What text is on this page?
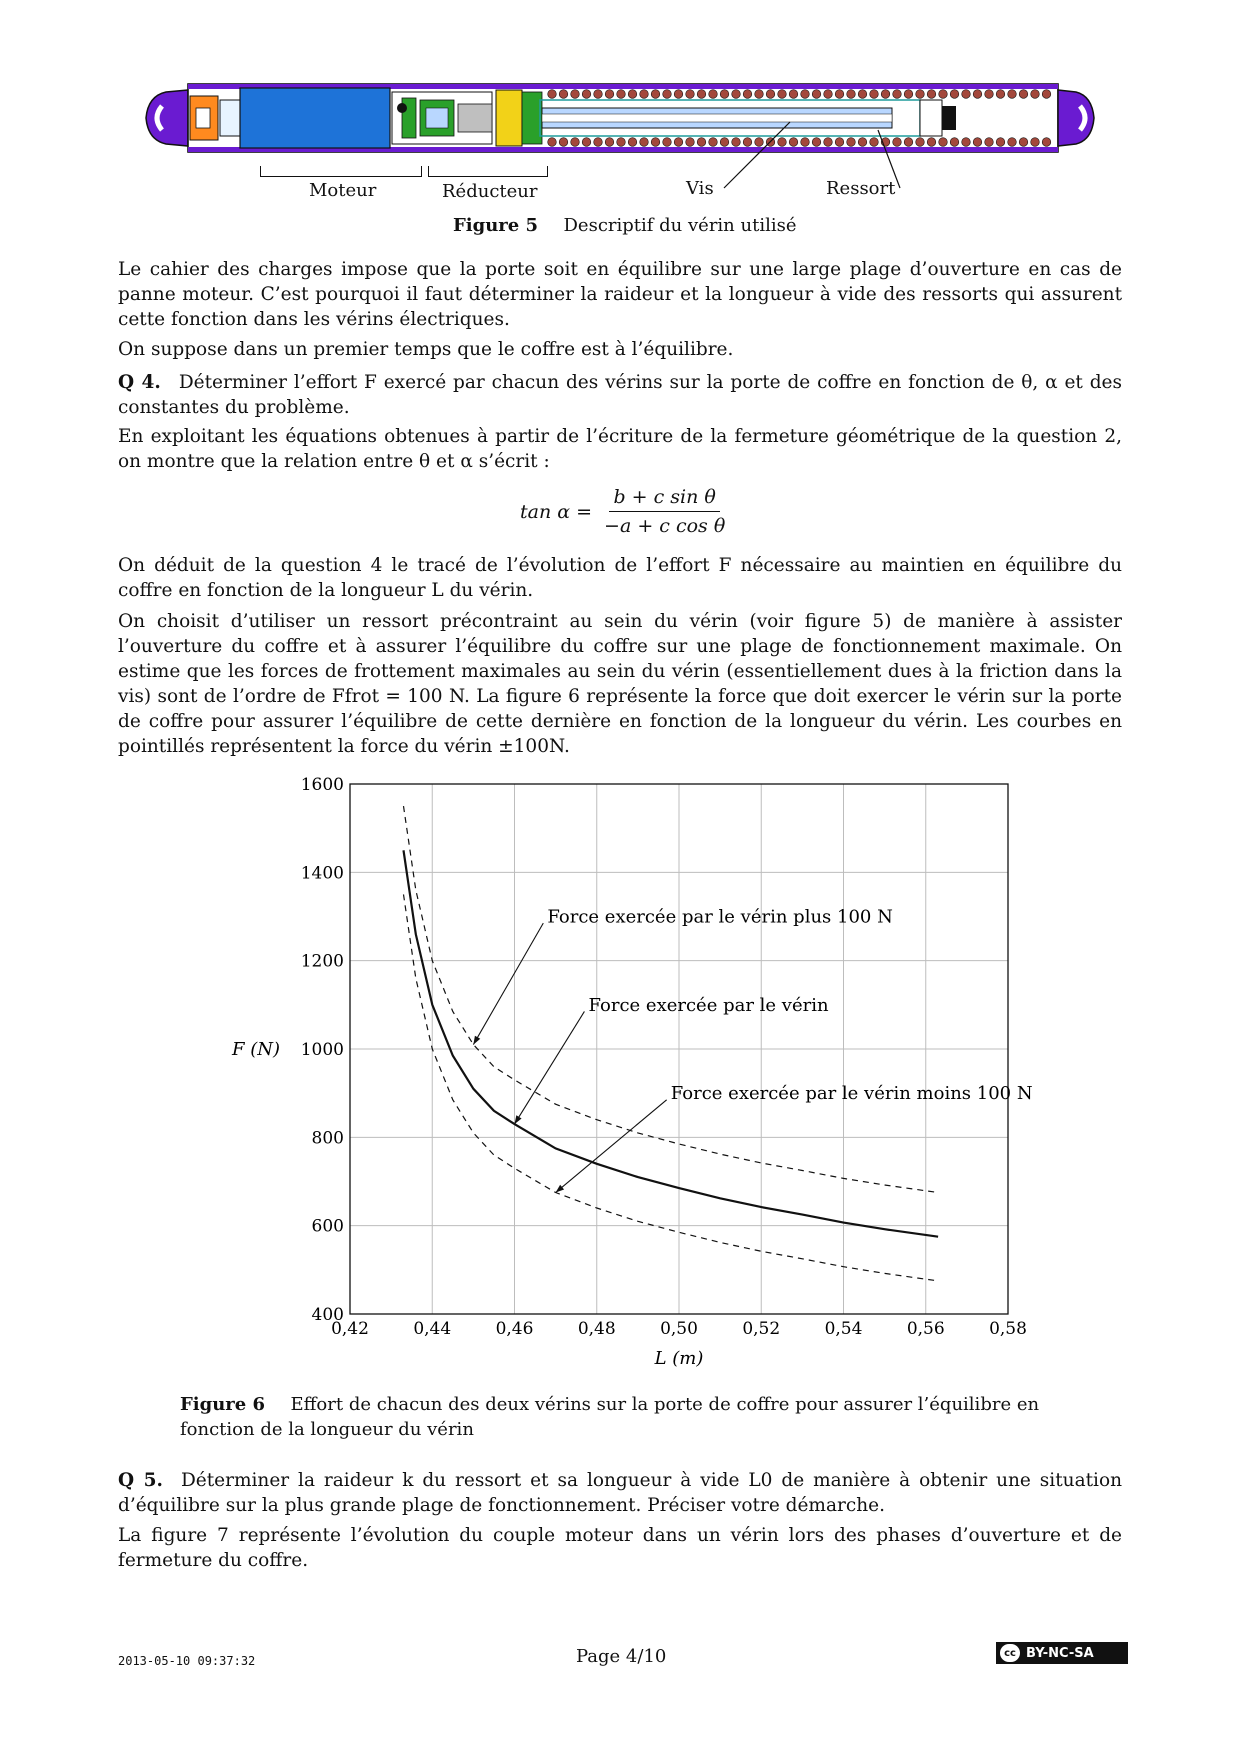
Moteur	Réducteur	Vis	Ressort
Figure 5 Descriptif du vérin utilisé

Le cahier des charges impose que la porte soit en équilibre sur une large plage d’ouverture en cas de panne moteur. C’est pourquoi il faut déterminer la raideur et la longueur à vide des ressorts qui assurent cette fonction dans les vérins électriques.

On suppose dans un premier temps que le coffre est à l’équilibre.

Q 4. Déterminer l’effort F exercé par chacun des vérins sur la porte de coffre en fonction de θ, α et des constantes du problème.

En exploitant les équations obtenues à partir de l’écriture de la fermeture géométrique de la question 2, on montre que la relation entre θ et α s’écrit :

$\tan \alpha = \frac{\text{b + c sin θ}}{\text{−a + c cos θ}}$

On déduit de la question 4 le tracé de l’évolution de l’effort F nécessaire au maintien en équilibre du coffre en fonction de la longueur L du vérin.

On choisit d’utiliser un ressort précontraint au sein du vérin (voir figure 5) de manière à assister l’ouverture du coffre et à assurer l’équilibre du coffre sur une plage de fonctionnement maximale. On estime que les forces de frottement maximales au sein du vérin (essentiellement dues à la friction dans la vis) sont de l’ordre de Ffrot = 100 N. La figure 6 représente la force que doit exercer le vérin sur la porte de coffre pour assurer l’équilibre de cette dernière en fonction de la longueur du vérin. Les courbes en pointillés représentent la force du vérin ±100N.

0,42	0,44	0,46	0,48	0,50	0,52	0,54	0,56	0,58
400
600
800
1000
1200
1400
1600
L (m)
F (N)
Force exercée par le vérin plus 100 N
Force exercée par le vérin
Force exercée par le vérin moins 100 N
Figure 6 Effort de chacun des deux vérins sur la porte de coffre pour assurer l’équilibre en fonction de la longueur du vérin

Q 5. Déterminer la raideur k du ressort et sa longueur à vide L0 de manière à obtenir une situation d’équilibre sur la plus grande plage de fonctionnement. Préciser votre démarche.

La figure 7 représente l’évolution du couple moteur dans un vérin lors des phases d’ouverture et de fermeture du coffre.

2013-05-10 09:37:32	Page 4/10	cc BY-NC-SA
